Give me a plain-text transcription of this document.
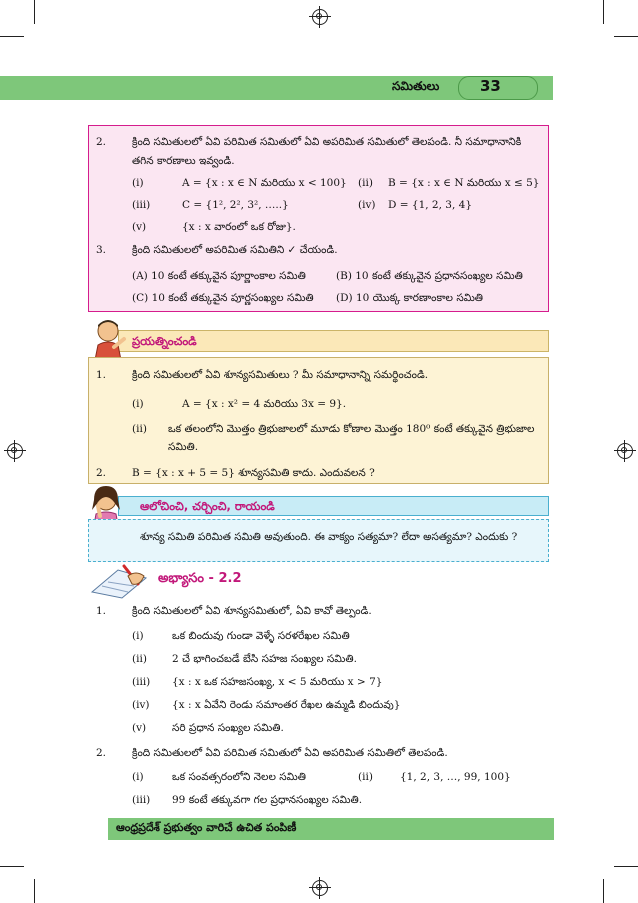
సమితులు	33
2. క్రింది సమితులలో ఏవి పరిమిత సమితులో ఏవి అపరిమిత సమితులో తెలపండి. నీ సమాధానానికి
తగిన కారణాలు ఇవ్వండి.
(i)	A = {x : x ∈ N మరియు x < 100} (ii) B = {x : x ∈ N మరియు x ≤ 5}
(iii)	C = {1², 2², 3², …..}	(iv) D = {1, 2, 3, 4}
(v)	{x : x వారంలో ఒక రోజు}.
3. క్రింది సమితులలో అపరిమిత సమితిని ✓ చేయండి.
(A) 10 కంటే తక్కువైన పూర్ణాంకాల సమితి	(B) 10 కంటే తక్కువైన ప్రధానసంఖ్యల సమితి
(C) 10 కంటే తక్కువైన పూర్ణసంఖ్యల సమితి (D) 10 యొక్క కారణాంకాల సమితి
ప్రయత్నించండి
1. క్రింది సమితులలో ఏవి శూన్యసమితులు ? మీ సమాధానాన్ని సమర్థించండి.
(i)	A = {x : x² = 4 మరియు 3x = 9}.
(ii) ఒక తలంలోని మొత్తం త్రిభుజాలలో మూడు కోణాల మొత్తం 180⁰ కంటే తక్కువైన త్రిభుజాల
సమితి.
2. B = {x : x + 5 = 5} శూన్యసమితి కాదు. ఎందువలన ?
ఆలోచించి, చర్చించి, రాయండి
శూన్య సమితి పరిమిత సమితి అవుతుంది. ఈ వాక్యం సత్యమా? లేదా అసత్యమా? ఎందుకు ?
అభ్యాసం - 2.2
1. క్రింది సమితులలో ఏవి శూన్యసమితులో, ఏవి కావో తెల్పండి.
(i)	ఒక బిందువు గుండా వెళ్ళే సరళరేఖల సమితి
(ii) 2 చే భాగించబడే బేసి సహజ సంఖ్యల సమితి.
(iii) {x : x ఒక సహజసంఖ్య, x < 5 మరియు x > 7}
(iv) {x : x ఏవేని రెండు సమాంతర రేఖల ఉమ్మడి బిందువు}
(v) సరి ప్రధాన సంఖ్యల సమితి.
2. క్రింది సమితులలో ఏవి పరిమిత సమితులో ఏవి అపరిమిత సమితిలో తెలపండి.
(i)	ఒక సంవత్సరంలోని నెలల సమితి	(ii)	{1, 2, 3, …, 99, 100}
(iii) 99 కంటే తక్కువగా గల ప్రధానసంఖ్యల సమితి.
ఆంధ్రప్రదేశ్ ప్రభుత్వం వారిచే ఉచిత పంపిణీ
